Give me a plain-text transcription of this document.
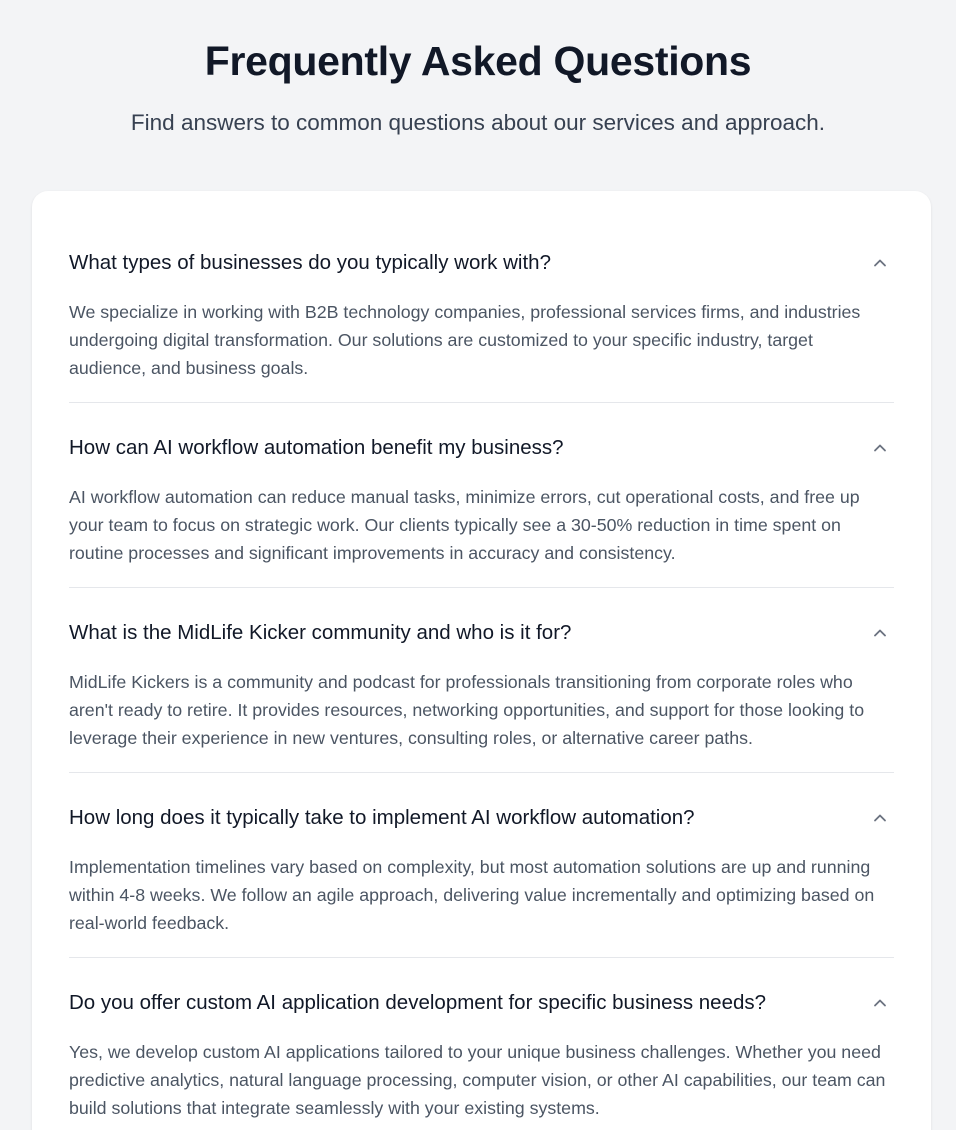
Frequently Asked Questions

Find answers to common questions about our services and approach.

What types of businesses do you typically work with?

We specialize in working with B2B technology companies, professional services firms, and industries undergoing digital transformation. Our solutions are customized to your specific industry, target audience, and business goals.

How can AI workflow automation benefit my business?

AI workflow automation can reduce manual tasks, minimize errors, cut operational costs, and free up your team to focus on strategic work. Our clients typically see a 30-50% reduction in time spent on routine processes and significant improvements in accuracy and consistency.

What is the MidLife Kicker community and who is it for?

MidLife Kickers is a community and podcast for professionals transitioning from corporate roles who aren't ready to retire. It provides resources, networking opportunities, and support for those looking to leverage their experience in new ventures, consulting roles, or alternative career paths.

How long does it typically take to implement AI workflow automation?

Implementation timelines vary based on complexity, but most automation solutions are up and running within 4-8 weeks. We follow an agile approach, delivering value incrementally and optimizing based on real-world feedback.

Do you offer custom AI application development for specific business needs?

Yes, we develop custom AI applications tailored to your unique business challenges. Whether you need predictive analytics, natural language processing, computer vision, or other AI capabilities, our team can build solutions that integrate seamlessly with your existing systems.
